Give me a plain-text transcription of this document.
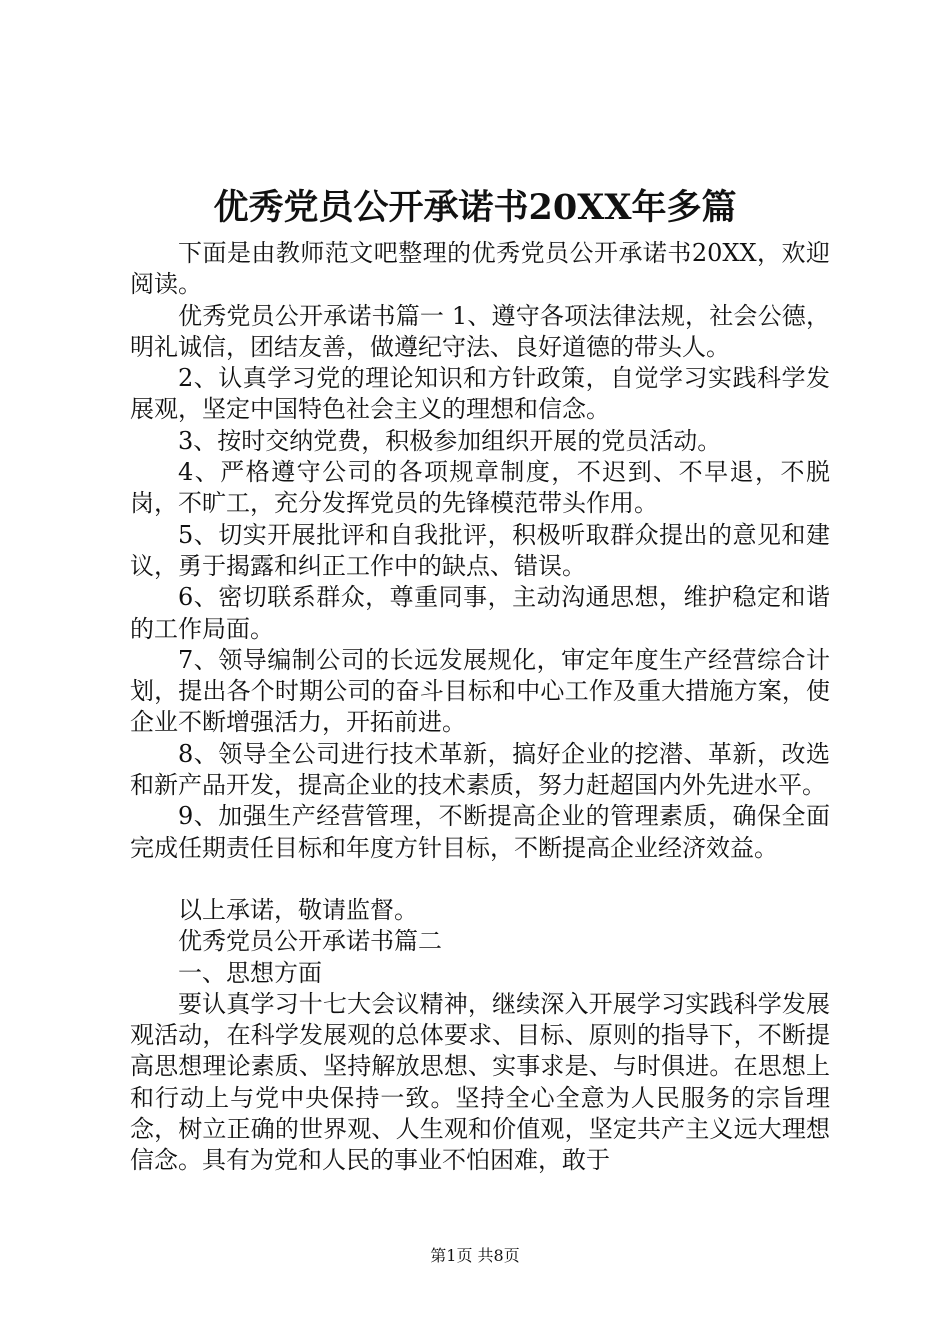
优秀党员公开承诺书20XX年多篇

下面是由教师范文吧整理的优秀党员公开承诺书20XX，欢迎阅读。

优秀党员公开承诺书篇一 1、遵守各项法律法规，社会公德，明礼诚信，团结友善，做遵纪守法、良好道德的带头人。

2、认真学习党的理论知识和方针政策，自觉学习实践科学发展观，坚定中国特色社会主义的理想和信念。

3、按时交纳党费，积极参加组织开展的党员活动。

4、严格遵守公司的各项规章制度，不迟到、不早退，不脱岗，不旷工，充分发挥党员的先锋模范带头作用。

5、切实开展批评和自我批评，积极听取群众提出的意见和建议，勇于揭露和纠正工作中的缺点、错误。

6、密切联系群众，尊重同事，主动沟通思想，维护稳定和谐的工作局面。

7、领导编制公司的长远发展规化，审定年度生产经营综合计划，提出各个时期公司的奋斗目标和中心工作及重大措施方案，使企业不断增强活力，开拓前进。

8、领导全公司进行技术革新，搞好企业的挖潜、革新，改选和新产品开发，提高企业的技术素质，努力赶超国内外先进水平。

9、加强生产经营管理，不断提高企业的管理素质，确保全面完成任期责任目标和年度方针目标，不断提高企业经济效益。

以上承诺，敬请监督。

优秀党员公开承诺书篇二

一、思想方面

要认真学习十七大会议精神，继续深入开展学习实践科学发展观活动，在科学发展观的总体要求、目标、原则的指导下，不断提高思想理论素质、坚持解放思想、实事求是、与时俱进。在思想上和行动上与党中央保持一致。坚持全心全意为人民服务的宗旨理念，树立正确的世界观、人生观和价值观，坚定共产主义远大理想信念。具有为党和人民的事业不怕困难，敢于

第1页 共8页
